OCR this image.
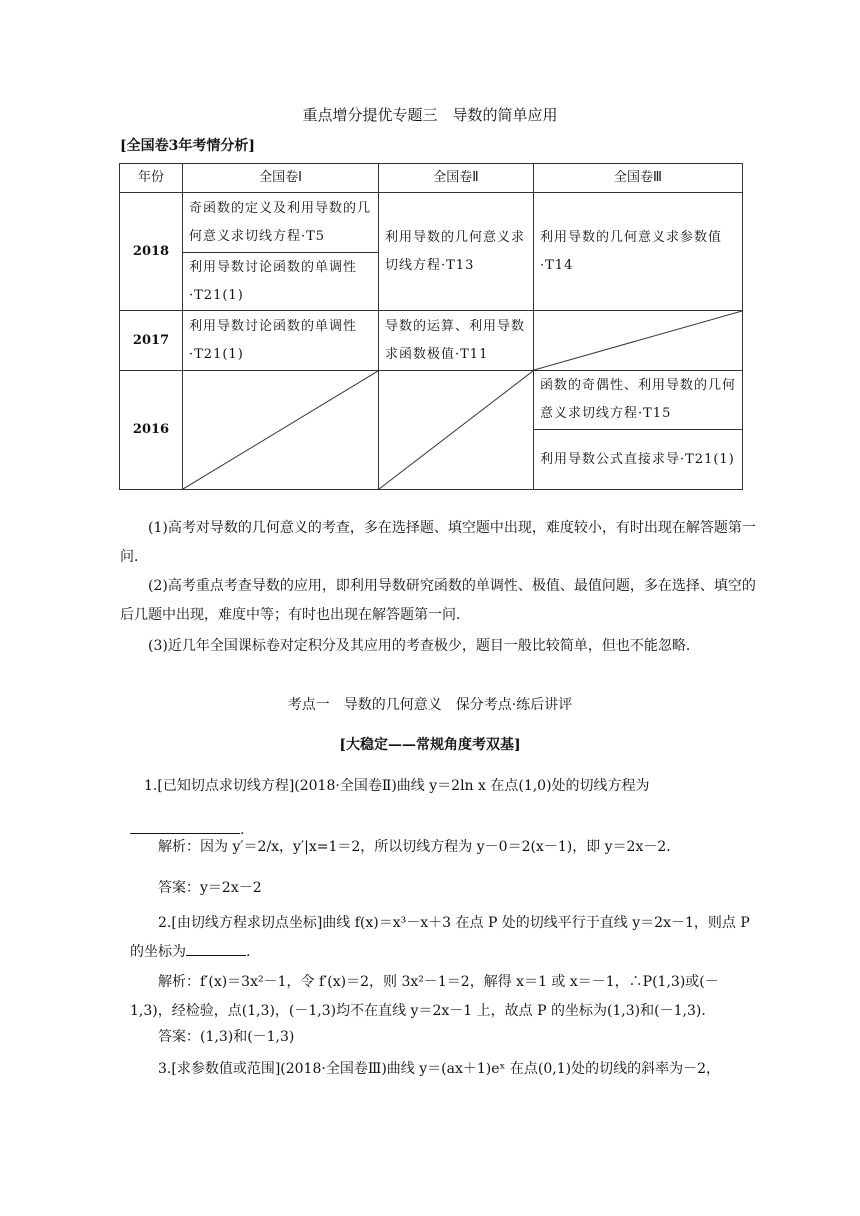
重点增分提优专题三　导数的简单应用
[全国卷3年考情分析]
年份	全国卷Ⅰ	全国卷Ⅱ	全国卷Ⅲ
2018	奇函数的定义及利用导数的几何意义求切线方程·T5	利用导数的几何意义求切线方程·T13	利用导数的几何意义求参数值·T14

	利用导数讨论函数的单调性·T21(1)		

2017	利用导数讨论函数的单调性·T21(1)	导数的运算、利用导数求函数极值·T11

2016			函数的奇偶性、利用导数的几何意义求切线方程·T15

			利用导数公式直接求导·T21(1)
(1)高考对导数的几何意义的考查，多在选择题、填空题中出现，难度较小，有时出现在解答题第一问．
(2)高考重点考查导数的应用，即利用导数研究函数的单调性、极值、最值问题，多在选择、填空的后几题中出现，难度中等；有时也出现在解答题第一问．
(3)近几年全国课标卷对定积分及其应用的考查极少，题目一般比较简单，但也不能忽略．
考点一　导数的几何意义　保分考点·练后讲评
[大稳定——常规角度考双基]
1.[已知切点求切线方程](2018·全国卷Ⅱ)曲线 y＝2ln x 在点(1,0)处的切线方程为
.
解析：因为 y′＝2/x，y′|x=1＝2，所以切线方程为 y－0＝2(x－1)，即 y＝2x－2．
答案：y＝2x－2
2.[由切线方程求切点坐标]曲线 f(x)＝x³－x＋3 在点 P 处的切线平行于直线 y＝2x－1，则点 P 的坐标为	.
解析：f′(x)＝3x²－1，令 f′(x)＝2，则 3x²－1＝2，解得 x＝1 或 x＝－1，∴P(1,3)或(－1,3)，经检验，点(1,3)，(－1,3)均不在直线 y＝2x－1 上，故点 P 的坐标为(1,3)和(－1,3)．
答案：(1,3)和(－1,3)
3.[求参数值或范围](2018·全国卷Ⅲ)曲线 y＝(ax＋1)eˣ 在点(0,1)处的切线的斜率为－2，
